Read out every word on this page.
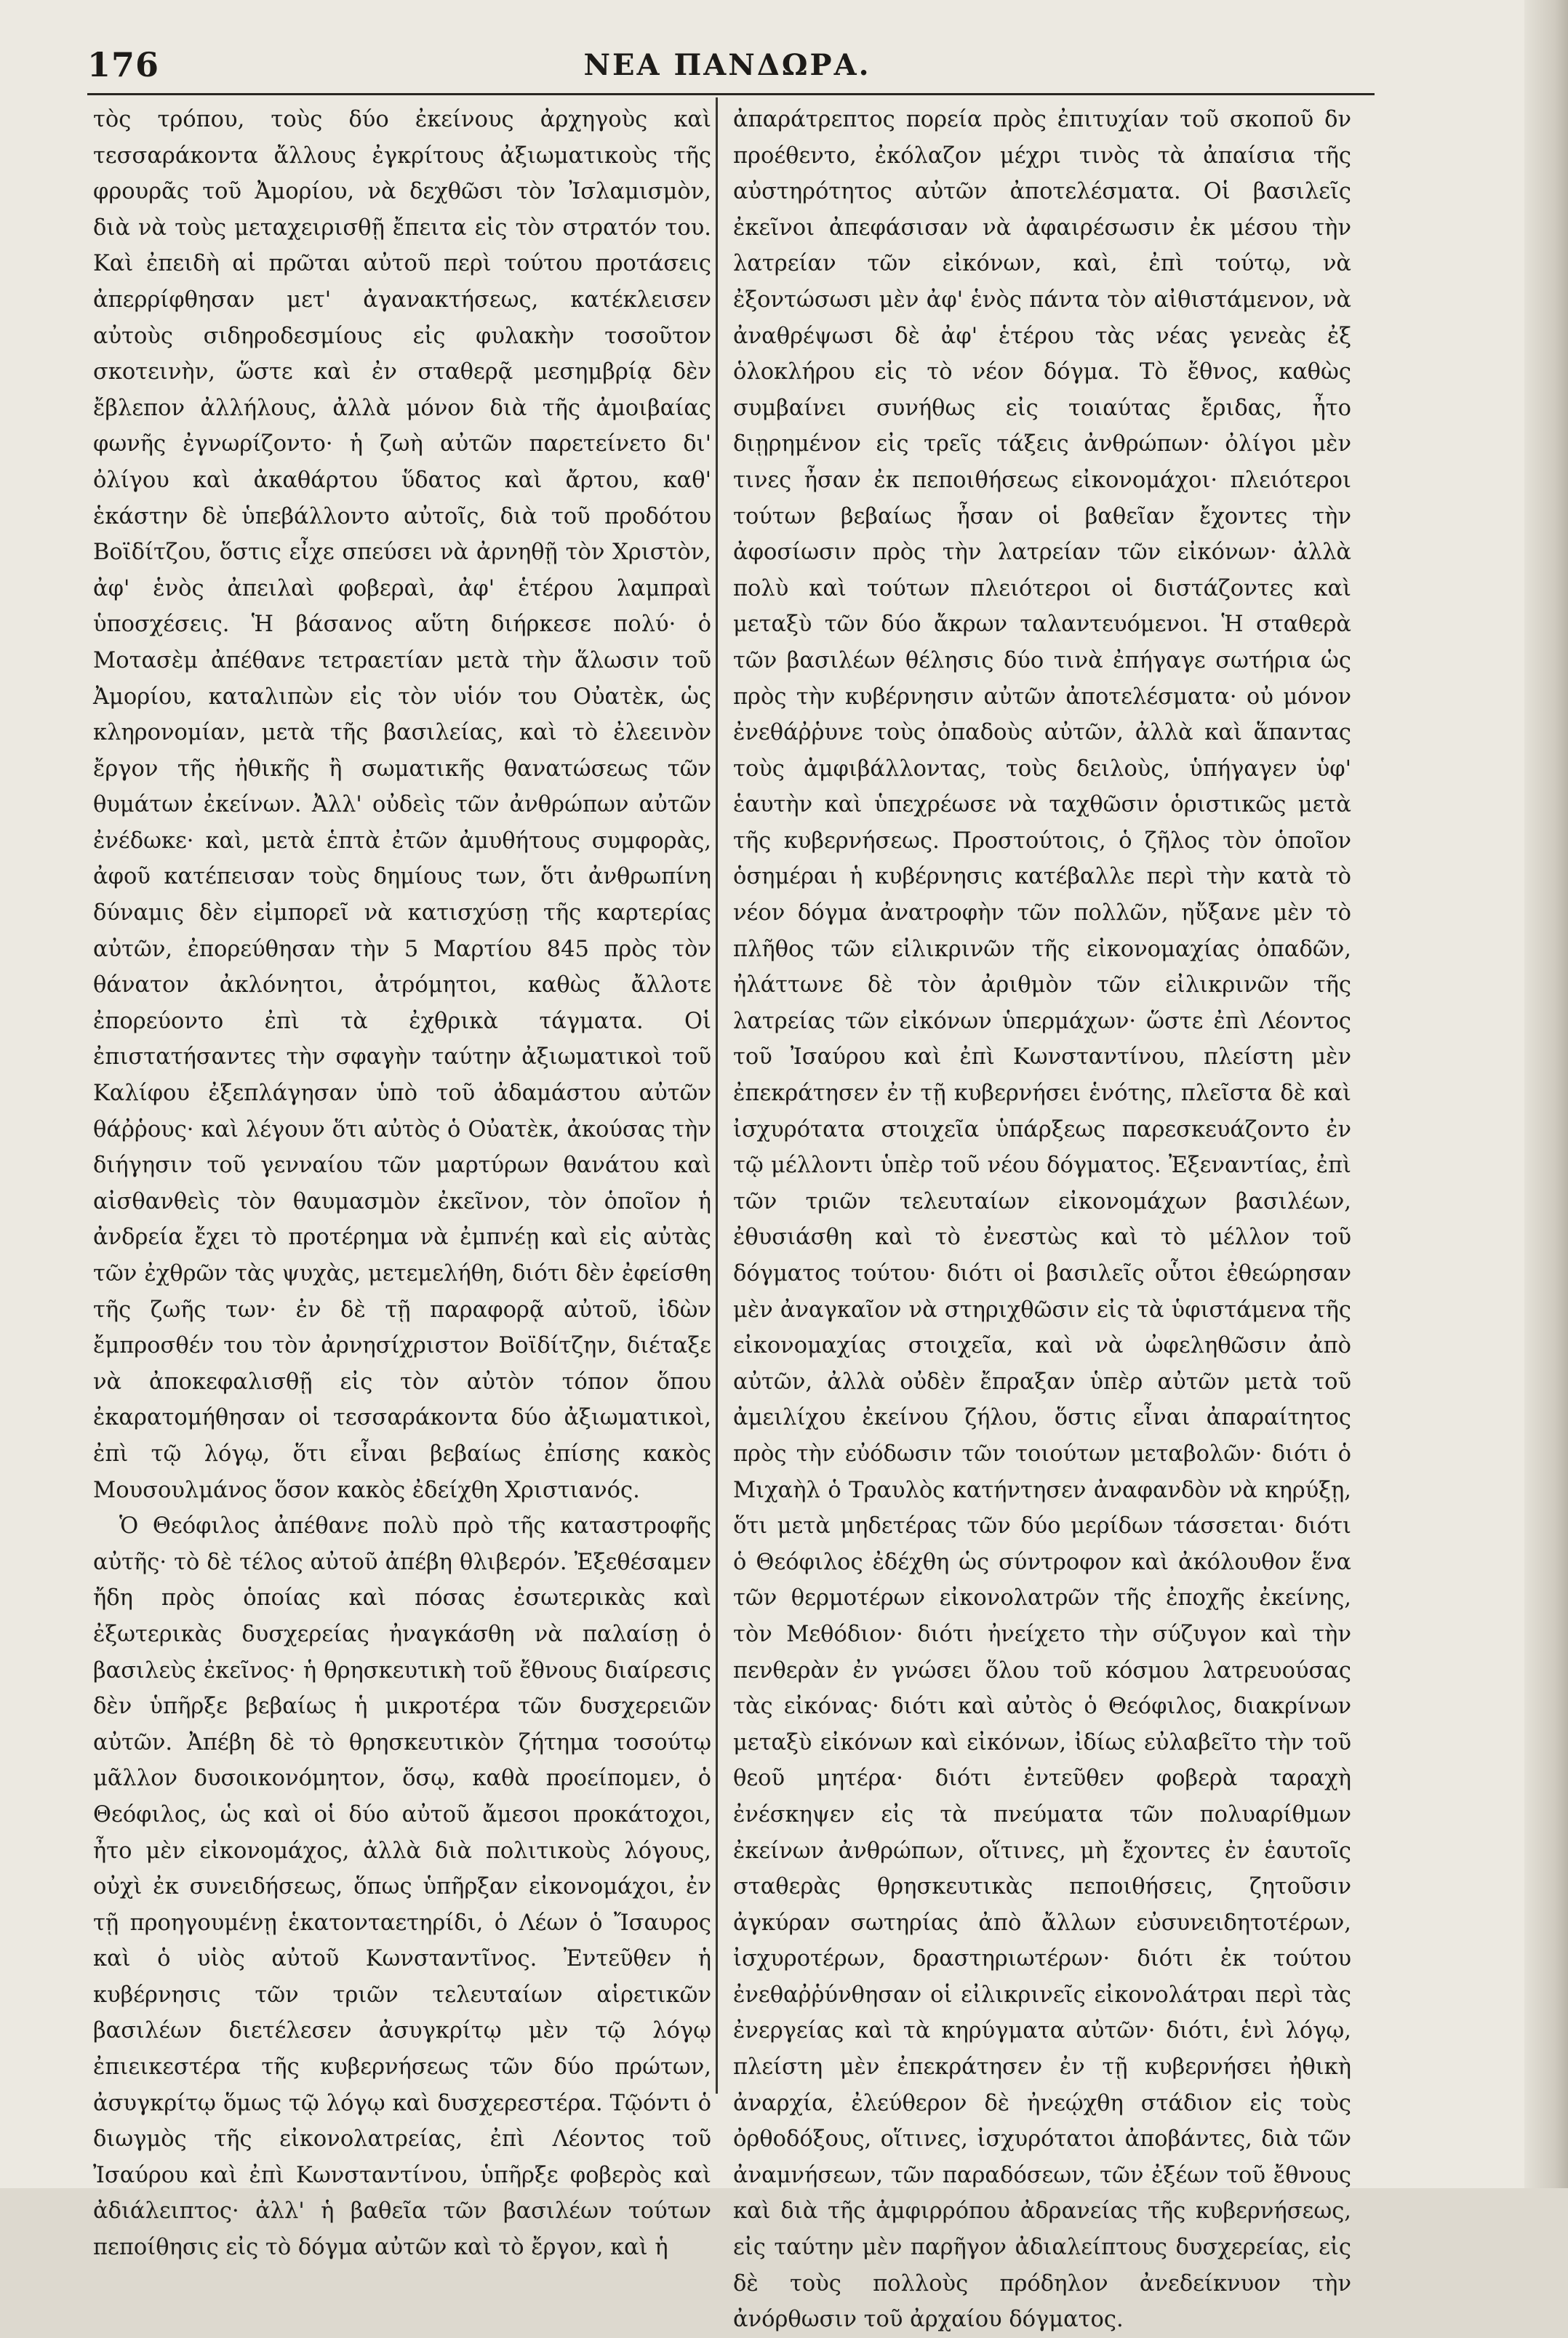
176	ΝΕΑ ΠΑΝΔΩΡΑ.

τὸς τρόπου, τοὺς δύο ἐκείνους ἀρχηγοὺς καὶ τεσσαράκοντα ἄλλους ἐγκρίτους ἀξιωματικοὺς τῆς φρουρᾶς τοῦ Ἀμορίου, νὰ δεχθῶσι τὸν Ἰσλαμισμὸν, διὰ νὰ τοὺς μεταχειρισθῇ ἔπειτα εἰς τὸν στρατόν του. Καὶ ἐπειδὴ αἱ πρῶται αὐτοῦ περὶ τούτου προτάσεις ἀπερρίφθησαν μετ' ἀγανακτήσεως, κατέκλεισεν αὐτοὺς σιδηροδεσμίους εἰς φυλακὴν τοσοῦτον σκοτεινὴν, ὥστε καὶ ἐν σταθερᾷ μεσημβρίᾳ δὲν ἔβλεπον ἀλλήλους, ἀλλὰ μόνον διὰ τῆς ἀμοιβαίας φωνῆς ἐγνωρίζοντο· ἡ ζωὴ αὐτῶν παρετείνετο δι' ὀλίγου καὶ ἀκαθάρτου ὕδατος καὶ ἄρτου, καθ' ἑκάστην δὲ ὑπεβάλλοντο αὐτοῖς, διὰ τοῦ προδότου Βοϊδίτζου, ὅστις εἶχε σπεύσει νὰ ἀρνηθῇ τὸν Χριστὸν, ἀφ' ἑνὸς ἀπειλαὶ φοβεραὶ, ἀφ' ἑτέρου λαμπραὶ ὑποσχέσεις. Ἡ βάσανος αὕτη διήρκεσε πολύ· ὁ Μοτασὲμ ἀπέθανε τετραετίαν μετὰ τὴν ἅλωσιν τοῦ Ἀμορίου, καταλιπὼν εἰς τὸν υἱόν του Οὐατὲκ, ὡς κληρονομίαν, μετὰ τῆς βασιλείας, καὶ τὸ ἐλεεινὸν ἔργον τῆς ἠθικῆς ἢ σωματικῆς θανατώσεως τῶν θυμάτων ἐκείνων. Ἀλλ' οὐδεὶς τῶν ἀνθρώπων αὐτῶν ἐνέδωκε· καὶ, μετὰ ἑπτὰ ἐτῶν ἀμυθήτους συμφορὰς, ἀφοῦ κατέπεισαν τοὺς δημίους των, ὅτι ἀνθρωπίνη δύναμις δὲν εἰμπορεῖ νὰ κατισχύσῃ τῆς καρτερίας αὐτῶν, ἐπορεύθησαν τὴν 5 Μαρτίου 845 πρὸς τὸν θάνατον ἀκλόνητοι, ἀτρόμητοι, καθὼς ἄλλοτε ἐπορεύοντο ἐπὶ τὰ ἐχθρικὰ τάγματα. Οἱ ἐπιστατήσαντες τὴν σφαγὴν ταύτην ἀξιωματικοὶ τοῦ Καλίφου ἐξεπλάγησαν ὑπὸ τοῦ ἀδαμάστου αὐτῶν θάῤῥους· καὶ λέγουν ὅτι αὐτὸς ὁ Οὐατὲκ, ἀκούσας τὴν διήγησιν τοῦ γενναίου τῶν μαρτύρων θανάτου καὶ αἰσθανθεὶς τὸν θαυμασμὸν ἐκεῖνον, τὸν ὁποῖον ἡ ἀνδρεία ἔχει τὸ προτέρημα νὰ ἐμπνέῃ καὶ εἰς αὐτὰς τῶν ἐχθρῶν τὰς ψυχὰς, μετεμελήθη, διότι δὲν ἐφείσθη τῆς ζωῆς των· ἐν δὲ τῇ παραφορᾷ αὐτοῦ, ἰδὼν ἔμπροσθέν του τὸν ἀρνησίχριστον Βοϊδίτζην, διέταξε νὰ ἀποκεφαλισθῇ εἰς τὸν αὐτὸν τόπον ὅπου ἐκαρατομήθησαν οἱ τεσσαράκοντα δύο ἀξιωματικοὶ, ἐπὶ τῷ λόγῳ, ὅτι εἶναι βεβαίως ἐπίσης κακὸς Μουσουλμάνος ὅσον κακὸς ἐδείχθη Χριστιανός.

Ὁ Θεόφιλος ἀπέθανε πολὺ πρὸ τῆς καταστροφῆς αὐτῆς· τὸ δὲ τέλος αὐτοῦ ἀπέβη θλιβερόν. Ἐξεθέσαμεν ἤδη πρὸς ὁποίας καὶ πόσας ἐσωτερικὰς καὶ ἐξωτερικὰς δυσχερείας ἠναγκάσθη νὰ παλαίσῃ ὁ βασιλεὺς ἐκεῖνος· ἡ θρησκευτικὴ τοῦ ἔθνους διαίρεσις δὲν ὑπῆρξε βεβαίως ἡ μικροτέρα τῶν δυσχερειῶν αὐτῶν. Ἀπέβη δὲ τὸ θρησκευτικὸν ζήτημα τοσούτῳ μᾶλλον δυσοικονόμητον, ὅσῳ, καθὰ προείπομεν, ὁ Θεόφιλος, ὡς καὶ οἱ δύο αὐτοῦ ἄμεσοι προκάτοχοι, ἦτο μὲν εἰκονομάχος, ἀλλὰ διὰ πολιτικοὺς λόγους, οὐχὶ ἐκ συνειδήσεως, ὅπως ὑπῆρξαν εἰκονομάχοι, ἐν τῇ προηγουμένῃ ἑκατονταετηρίδι, ὁ Λέων ὁ Ἴσαυρος καὶ ὁ υἱὸς αὐτοῦ Κωνσταντῖνος. Ἐντεῦθεν ἡ κυβέρνησις τῶν τριῶν τελευταίων αἱρετικῶν βασιλέων διετέλεσεν ἀσυγκρίτῳ μὲν τῷ λόγῳ ἐπιεικεστέρα τῆς κυβερνήσεως τῶν δύο πρώτων, ἀσυγκρίτῳ ὅμως τῷ λόγῳ καὶ δυσχερεστέρα. Τῷόντι ὁ διωγμὸς τῆς εἰκονολατρείας, ἐπὶ Λέοντος τοῦ Ἰσαύρου καὶ ἐπὶ Κωνσταντίνου, ὑπῆρξε φοβερὸς καὶ ἀδιάλειπτος· ἀλλ' ἡ βαθεῖα τῶν βασιλέων τούτων πεποίθησις εἰς τὸ δόγμα αὐτῶν καὶ τὸ ἔργον, καὶ ἡ

ἀπαράτρεπτος πορεία πρὸς ἐπιτυχίαν τοῦ σκοποῦ δν προέθεντο, ἐκόλαζον μέχρι τινὸς τὰ ἀπαίσια τῆς αὐστηρότητος αὐτῶν ἀποτελέσματα. Οἱ βασιλεῖς ἐκεῖνοι ἀπεφάσισαν νὰ ἀφαιρέσωσιν ἐκ μέσου τὴν λατρείαν τῶν εἰκόνων, καὶ, ἐπὶ τούτῳ, νὰ ἐξοντώσωσι μὲν ἀφ' ἑνὸς πάντα τὸν αἰθιστάμενον, νὰ ἀναθρέψωσι δὲ ἀφ' ἑτέρου τὰς νέας γενεὰς ἐξ ὁλοκλήρου εἰς τὸ νέον δόγμα. Τὸ ἔθνος, καθὼς συμβαίνει συνήθως εἰς τοιαύτας ἔριδας, ἦτο διῃρημένον εἰς τρεῖς τάξεις ἀνθρώπων· ὀλίγοι μὲν τινες ἦσαν ἐκ πεποιθήσεως εἰκονομάχοι· πλειότεροι τούτων βεβαίως ἦσαν οἱ βαθεῖαν ἔχοντες τὴν ἀφοσίωσιν πρὸς τὴν λατρείαν τῶν εἰκόνων· ἀλλὰ πολὺ καὶ τούτων πλειότεροι οἱ διστάζοντες καὶ μεταξὺ τῶν δύο ἄκρων ταλαντευόμενοι. Ἡ σταθερὰ τῶν βασιλέων θέλησις δύο τινὰ ἐπήγαγε σωτήρια ὡς πρὸς τὴν κυβέρνησιν αὐτῶν ἀποτελέσματα· οὐ μόνον ἐνεθάῤῥυνε τοὺς ὀπαδοὺς αὐτῶν, ἀλλὰ καὶ ἅπαντας τοὺς ἀμφιβάλλοντας, τοὺς δειλοὺς, ὑπήγαγεν ὑφ' ἑαυτὴν καὶ ὑπεχρέωσε νὰ ταχθῶσιν ὁριστικῶς μετὰ τῆς κυβερνήσεως. Προστούτοις, ὁ ζῆλος τὸν ὁποῖον ὁσημέραι ἡ κυβέρνησις κατέβαλλε περὶ τὴν κατὰ τὸ νέον δόγμα ἀνατροφὴν τῶν πολλῶν, ηὔξανε μὲν τὸ πλῆθος τῶν εἰλικρινῶν τῆς εἰκονομαχίας ὀπαδῶν, ἠλάττωνε δὲ τὸν ἀριθμὸν τῶν εἰλικρινῶν τῆς λατρείας τῶν εἰκόνων ὑπερμάχων· ὥστε ἐπὶ Λέοντος τοῦ Ἰσαύρου καὶ ἐπὶ Κωνσταντίνου, πλείστη μὲν ἐπεκράτησεν ἐν τῇ κυβερνήσει ἑνότης, πλεῖστα δὲ καὶ ἰσχυρότατα στοιχεῖα ὑπάρξεως παρεσκευάζοντο ἐν τῷ μέλλοντι ὑπὲρ τοῦ νέου δόγματος. Ἐξεναντίας, ἐπὶ τῶν τριῶν τελευταίων εἰκονομάχων βασιλέων, ἐθυσιάσθη καὶ τὸ ἐνεστὼς καὶ τὸ μέλλον τοῦ δόγματος τούτου· διότι οἱ βασιλεῖς οὗτοι ἐθεώρησαν μὲν ἀναγκαῖον νὰ στηριχθῶσιν εἰς τὰ ὑφιστάμενα τῆς εἰκονομαχίας στοιχεῖα, καὶ νὰ ὠφεληθῶσιν ἀπὸ αὐτῶν, ἀλλὰ οὐδὲν ἔπραξαν ὑπὲρ αὐτῶν μετὰ τοῦ ἀμειλίχου ἐκείνου ζήλου, ὅστις εἶναι ἀπαραίτητος πρὸς τὴν εὐόδωσιν τῶν τοιούτων μεταβολῶν· διότι ὁ Μιχαὴλ ὁ Τραυλὸς κατήντησεν ἀναφανδὸν νὰ κηρύξῃ, ὅτι μετὰ μηδετέρας τῶν δύο μερίδων τάσσεται· διότι ὁ Θεόφιλος ἐδέχθη ὡς σύντροφον καὶ ἀκόλουθον ἕνα τῶν θερμοτέρων εἰκονολατρῶν τῆς ἐποχῆς ἐκείνης, τὸν Μεθόδιον· διότι ἠνείχετο τὴν σύζυγον καὶ τὴν πενθερὰν ἐν γνώσει ὅλου τοῦ κόσμου λατρευούσας τὰς εἰκόνας· διότι καὶ αὐτὸς ὁ Θεόφιλος, διακρίνων μεταξὺ εἰκόνων καὶ εἰκόνων, ἰδίως εὐλαβεῖτο τὴν τοῦ θεοῦ μητέρα· διότι ἐντεῦθεν φοβερὰ ταραχὴ ἐνέσκηψεν εἰς τὰ πνεύματα τῶν πολυαρίθμων ἐκείνων ἀνθρώπων, οἵτινες, μὴ ἔχοντες ἐν ἑαυτοῖς σταθερὰς θρησκευτικὰς πεποιθήσεις, ζητοῦσιν ἀγκύραν σωτηρίας ἀπὸ ἄλλων εὐσυνειδητοτέρων, ἰσχυροτέρων, δραστηριωτέρων· διότι ἐκ τούτου ἐνεθαῤῥύνθησαν οἱ εἰλικρινεῖς εἰκονολάτραι περὶ τὰς ἐνεργείας καὶ τὰ κηρύγματα αὐτῶν· διότι, ἑνὶ λόγῳ, πλείστη μὲν ἐπεκράτησεν ἐν τῇ κυβερνήσει ἠθικὴ ἀναρχία, ἐλεύθερον δὲ ἠνεῴχθη στάδιον εἰς τοὺς ὀρθοδόξους, οἵτινες, ἰσχυρότατοι ἀποβάντες, διὰ τῶν ἀναμνήσεων, τῶν παραδόσεων, τῶν ἐξέων τοῦ ἔθνους καὶ διὰ τῆς ἀμφιρρόπου ἀδρανείας τῆς κυβερνήσεως, εἰς ταύτην μὲν παρῆγον ἀδιαλείπτους δυσχερείας, εἰς δὲ τοὺς πολλοὺς πρόδηλον ἀνεδείκνυον τὴν ἀνόρθωσιν τοῦ ἀρχαίου δόγματος.
